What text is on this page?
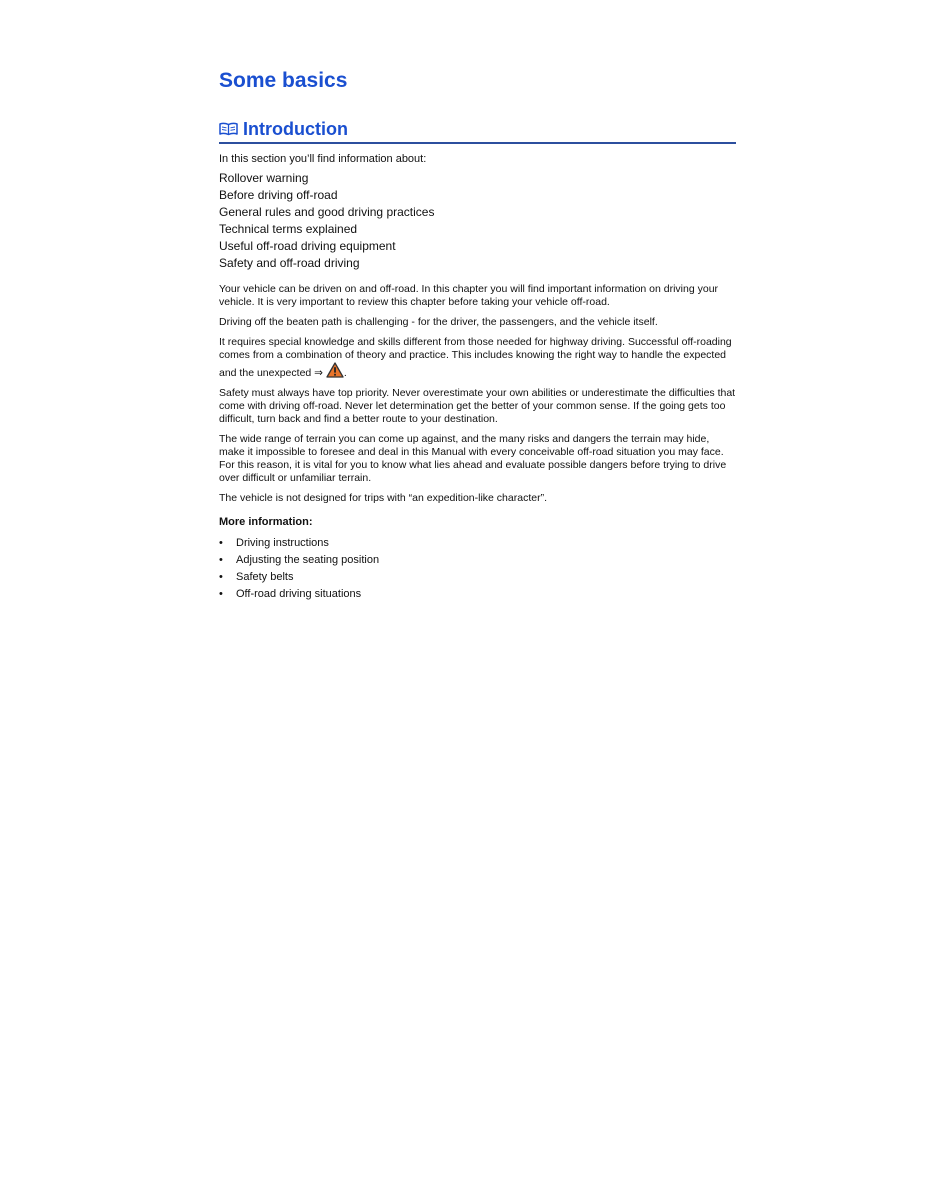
Some basics
Introduction
In this section you’ll find information about:
Rollover warning
Before driving off-road
General rules and good driving practices
Technical terms explained
Useful off-road driving equipment
Safety and off-road driving

Your vehicle can be driven on and off-road. In this chapter you will find important information on driving your vehicle. It is very important to review this chapter before taking your vehicle off-road.

Driving off the beaten path is challenging - for the driver, the passengers, and the vehicle itself.

It requires special knowledge and skills different from those needed for highway driving. Successful off-roading comes from a combination of theory and practice. This includes knowing the right way to handle the expected and the unexpected ⇒ .

Safety must always have top priority. Never overestimate your own abilities or underestimate the difficulties that come with driving off-road. Never let determination get the better of your common sense. If the going gets too difficult, turn back and find a better route to your destination.

The wide range of terrain you can come up against, and the many risks and dangers the terrain may hide, make it impossible to foresee and deal in this Manual with every conceivable off-road situation you may face. For this reason, it is vital for you to know what lies ahead and evaluate possible dangers before trying to drive over difficult or unfamiliar terrain.

The vehicle is not designed for trips with “an expedition-like character”.

More information:
• Driving instructions
• Adjusting the seating position
• Safety belts
• Off-road driving situations
